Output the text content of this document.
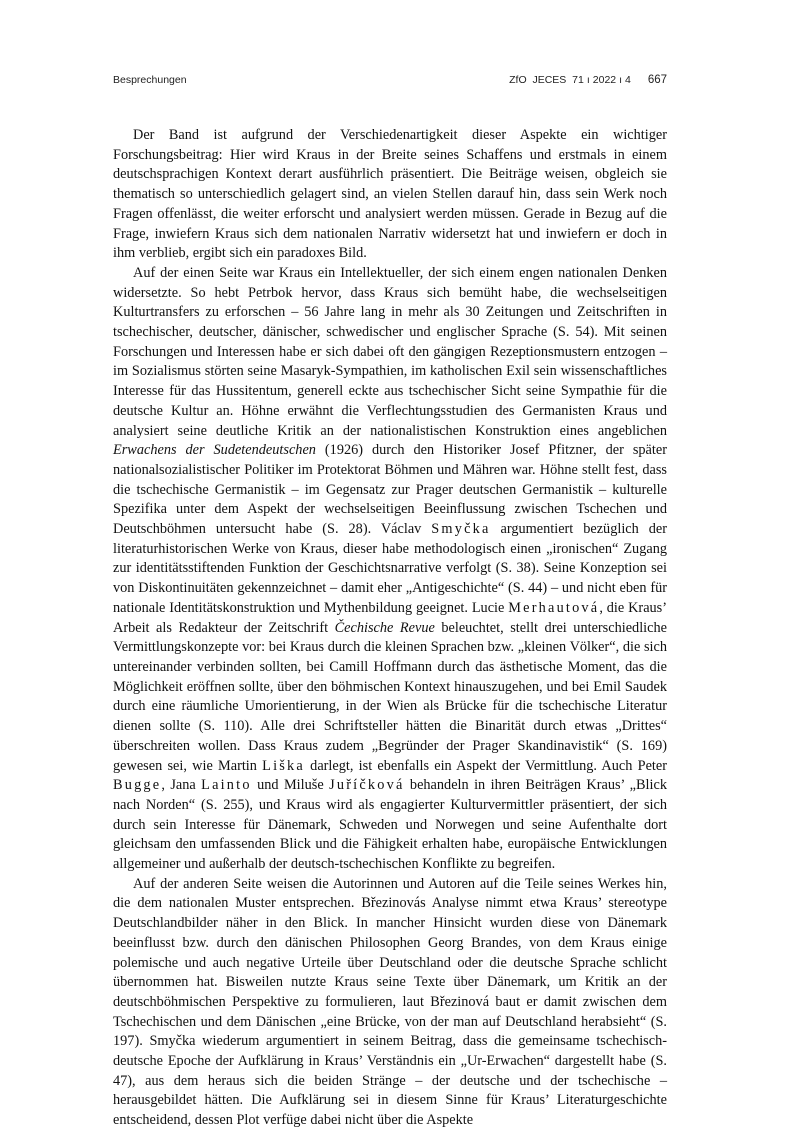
Besprechungen	ZfO JECES 71 ı 2022 ı 4 667

Der Band ist aufgrund der Verschiedenartigkeit dieser Aspekte ein wichtiger Forschungsbeitrag: Hier wird Kraus in der Breite seines Schaffens und erstmals in einem deutschsprachigen Kontext derart ausführlich präsentiert. Die Beiträge weisen, obgleich sie thematisch so unterschiedlich gelagert sind, an vielen Stellen darauf hin, dass sein Werk noch Fragen offenlässt, die weiter erforscht und analysiert werden müssen. Gerade in Bezug auf die Frage, inwiefern Kraus sich dem nationalen Narrativ widersetzt hat und inwiefern er doch in ihm verblieb, ergibt sich ein paradoxes Bild.

Auf der einen Seite war Kraus ein Intellektueller, der sich einem engen nationalen Denken widersetzte. So hebt Petrbok hervor, dass Kraus sich bemüht habe, die wechselseitigen Kulturtransfers zu erforschen – 56 Jahre lang in mehr als 30 Zeitungen und Zeitschriften in tschechischer, deutscher, dänischer, schwedischer und englischer Sprache (S. 54). Mit seinen Forschungen und Interessen habe er sich dabei oft den gängigen Rezeptionsmustern entzogen – im Sozialismus störten seine Masaryk-Sympathien, im katholischen Exil sein wissenschaftliches Interesse für das Hussitentum, generell eckte aus tschechischer Sicht seine Sympathie für die deutsche Kultur an. Höhne erwähnt die Verflechtungsstudien des Germanisten Kraus und analysiert seine deutliche Kritik an der nationalistischen Konstruktion eines angeblichen Erwachens der Sudetendeutschen (1926) durch den Historiker Josef Pfitzner, der später nationalsozialistischer Politiker im Protektorat Böhmen und Mähren war. Höhne stellt fest, dass die tschechische Germanistik – im Gegensatz zur Prager deutschen Germanistik – kulturelle Spezifika unter dem Aspekt der wechselseitigen Beeinflussung zwischen Tschechen und Deutschböhmen untersucht habe (S. 28). Václav Smyčka argumentiert bezüglich der literaturhistorischen Werke von Kraus, dieser habe methodologisch einen „ironischen“ Zugang zur identitätsstiftenden Funktion der Geschichtsnarrative verfolgt (S. 38). Seine Konzeption sei von Diskontinuitäten gekennzeichnet – damit eher „Antigeschichte“ (S. 44) – und nicht eben für nationale Identitätskonstruktion und Mythenbildung geeignet. Lucie Merhautová, die Kraus’ Arbeit als Redakteur der Zeitschrift Čechische Revue beleuchtet, stellt drei unterschiedliche Vermittlungskonzepte vor: bei Kraus durch die kleinen Sprachen bzw. „kleinen Völker“, die sich untereinander verbinden sollten, bei Camill Hoffmann durch das ästhetische Moment, das die Möglichkeit eröffnen sollte, über den böhmischen Kontext hinauszugehen, und bei Emil Saudek durch eine räumliche Umorientierung, in der Wien als Brücke für die tschechische Literatur dienen sollte (S. 110). Alle drei Schriftsteller hätten die Binarität durch etwas „Drittes“ überschreiten wollen. Dass Kraus zudem „Begründer der Prager Skandinavistik“ (S. 169) gewesen sei, wie Martin Liška darlegt, ist ebenfalls ein Aspekt der Vermittlung. Auch Peter Bugge, Jana Lainto und Miluše Juříčková behandeln in ihren Beiträgen Kraus’ „Blick nach Norden“ (S. 255), und Kraus wird als engagierter Kulturvermittler präsentiert, der sich durch sein Interesse für Dänemark, Schweden und Norwegen und seine Aufenthalte dort gleichsam den umfassenden Blick und die Fähigkeit erhalten habe, europäische Entwicklungen allgemeiner und außerhalb der deutsch-tschechischen Konflikte zu begreifen.

Auf der anderen Seite weisen die Autorinnen und Autoren auf die Teile seines Werkes hin, die dem nationalen Muster entsprechen. Březinovás Analyse nimmt etwa Kraus’ stereotype Deutschlandbilder näher in den Blick. In mancher Hinsicht wurden diese von Dänemark beeinflusst bzw. durch den dänischen Philosophen Georg Brandes, von dem Kraus einige polemische und auch negative Urteile über Deutschland oder die deutsche Sprache schlicht übernommen hat. Bisweilen nutzte Kraus seine Texte über Dänemark, um Kritik an der deutschböhmischen Perspektive zu formulieren, laut Březinová baut er damit zwischen dem Tschechischen und dem Dänischen „eine Brücke, von der man auf Deutschland herabsieht“ (S. 197). Smyčka wiederum argumentiert in seinem Beitrag, dass die gemeinsame tschechisch-deutsche Epoche der Aufklärung in Kraus’ Verständnis ein „Ur-Erwachen“ dargestellt habe (S. 47), aus dem heraus sich die beiden Stränge – der deutsche und der tschechische – herausgebildet hätten. Die Aufklärung sei in diesem Sinne für Kraus’ Literaturgeschichte entscheidend, dessen Plot verfüge dabei nicht über die Aspekte
